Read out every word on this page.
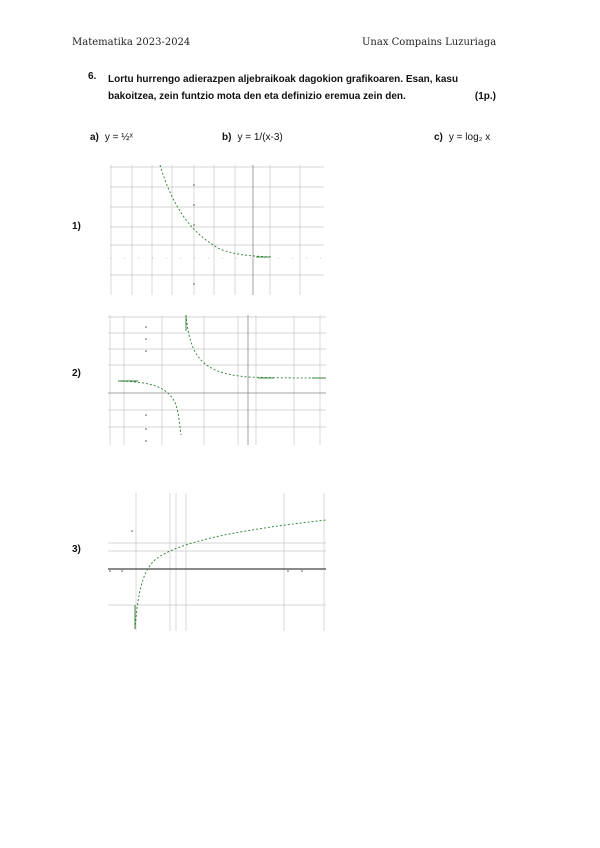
Matematika 2023-2024	Unax Compains Luzuriaga
6. Lortu hurrengo adierazpen aljebraikoak dagokion grafikoaren. Esan, kasu bakoitzea, zein funtzio mota den eta definizio eremua zein den.	(1p.)
a) y = ½ˣ	b) y = 1/(x-3)	c) y = log₂ x
1)
2)
3)
